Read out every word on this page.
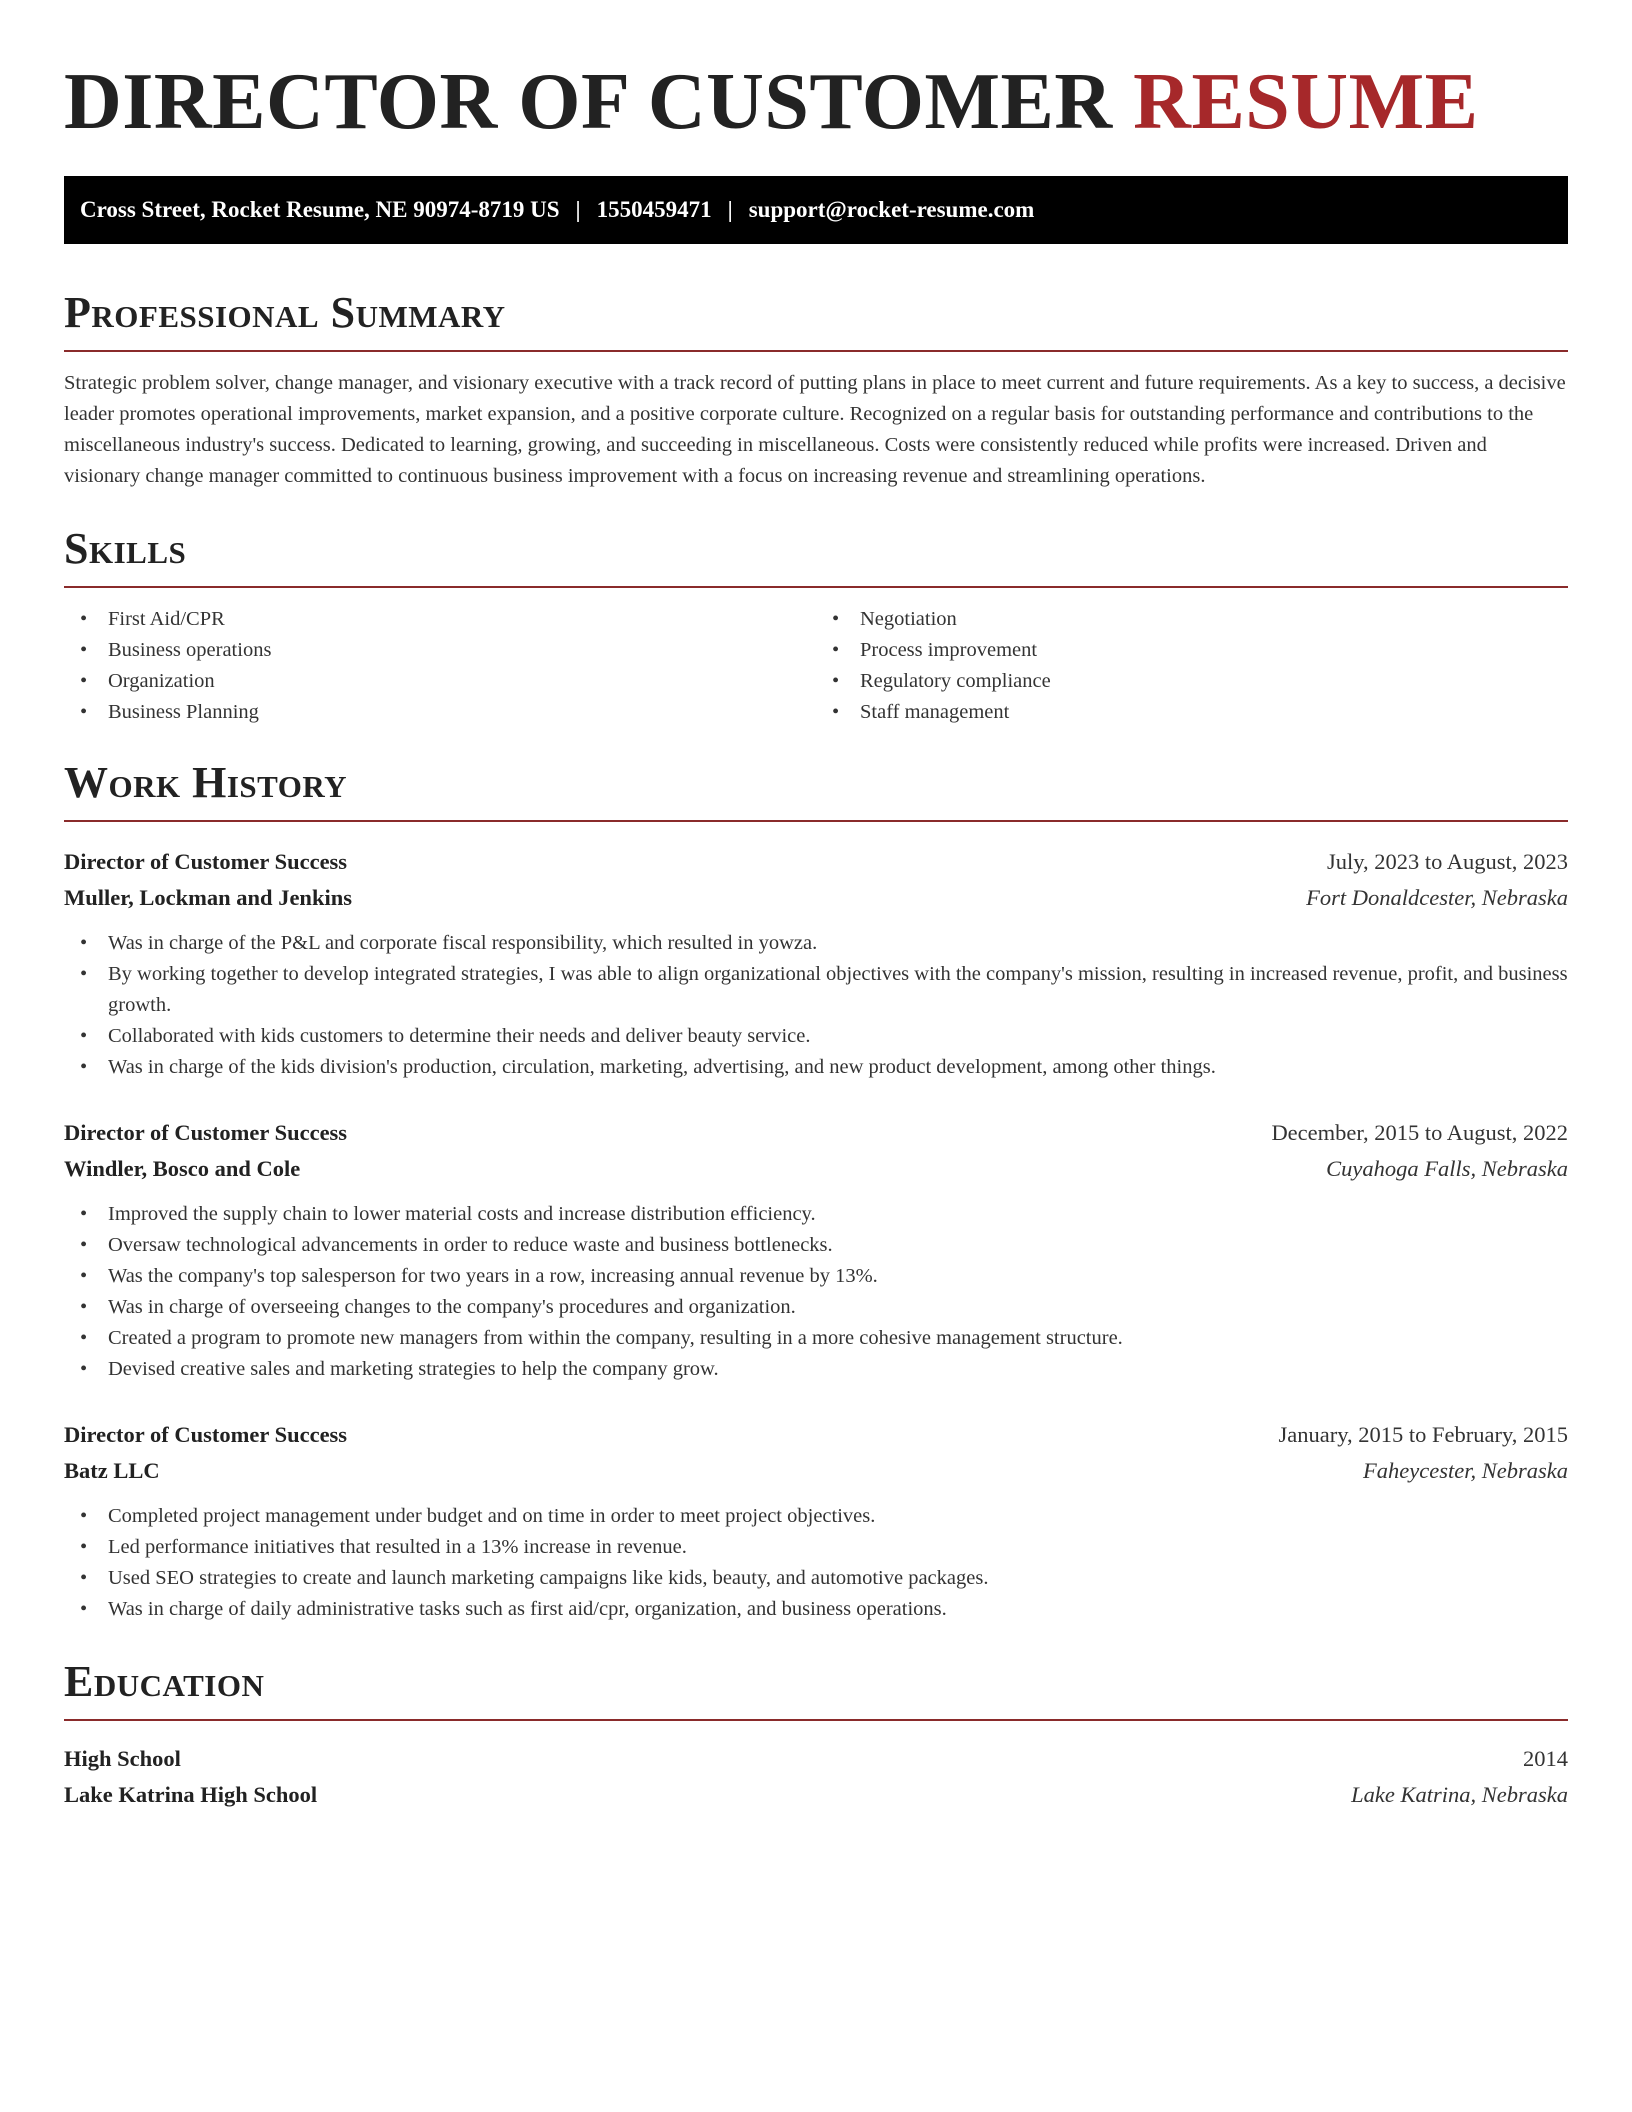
DIRECTOR OF CUSTOMER RESUME
Cross Street, Rocket Resume, NE 90974-8719 US | 1550459471 | support@rocket-resume.com
Professional Summary

Strategic problem solver, change manager, and visionary executive with a track record of putting plans in place to meet current and future requirements. As a key to success, a decisive leader promotes operational improvements, market expansion, and a positive corporate culture. Recognized on a regular basis for outstanding performance and contributions to the miscellaneous industry's success. Dedicated to learning, growing, and succeeding in miscellaneous. Costs were consistently reduced while profits were increased. Driven and visionary change manager committed to continuous business improvement with a focus on increasing revenue and streamlining operations.

Skills
• First Aid/CPR
• Business operations
• Organization
• Business Planning
• Negotiation
• Process improvement
• Regulatory compliance
• Staff management
Work History
Director of Customer Success	July, 2023 to August, 2023
Muller, Lockman and Jenkins	Fort Donaldcester, Nebraska
• Was in charge of the P&L and corporate fiscal responsibility, which resulted in yowza.
• By working together to develop integrated strategies, I was able to align organizational objectives with the company's mission, resulting in increased revenue, profit, and business growth.
• Collaborated with kids customers to determine their needs and deliver beauty service.
• Was in charge of the kids division's production, circulation, marketing, advertising, and new product development, among other things.
Director of Customer Success	December, 2015 to August, 2022
Windler, Bosco and Cole	Cuyahoga Falls, Nebraska
• Improved the supply chain to lower material costs and increase distribution efficiency.
• Oversaw technological advancements in order to reduce waste and business bottlenecks.
• Was the company's top salesperson for two years in a row, increasing annual revenue by 13%.
• Was in charge of overseeing changes to the company's procedures and organization.
• Created a program to promote new managers from within the company, resulting in a more cohesive management structure.
• Devised creative sales and marketing strategies to help the company grow.
Director of Customer Success	January, 2015 to February, 2015
Batz LLC	Faheycester, Nebraska
• Completed project management under budget and on time in order to meet project objectives.
• Led performance initiatives that resulted in a 13% increase in revenue.
• Used SEO strategies to create and launch marketing campaigns like kids, beauty, and automotive packages.
• Was in charge of daily administrative tasks such as first aid/cpr, organization, and business operations.
Education
High School	2014
Lake Katrina High School	Lake Katrina, Nebraska
